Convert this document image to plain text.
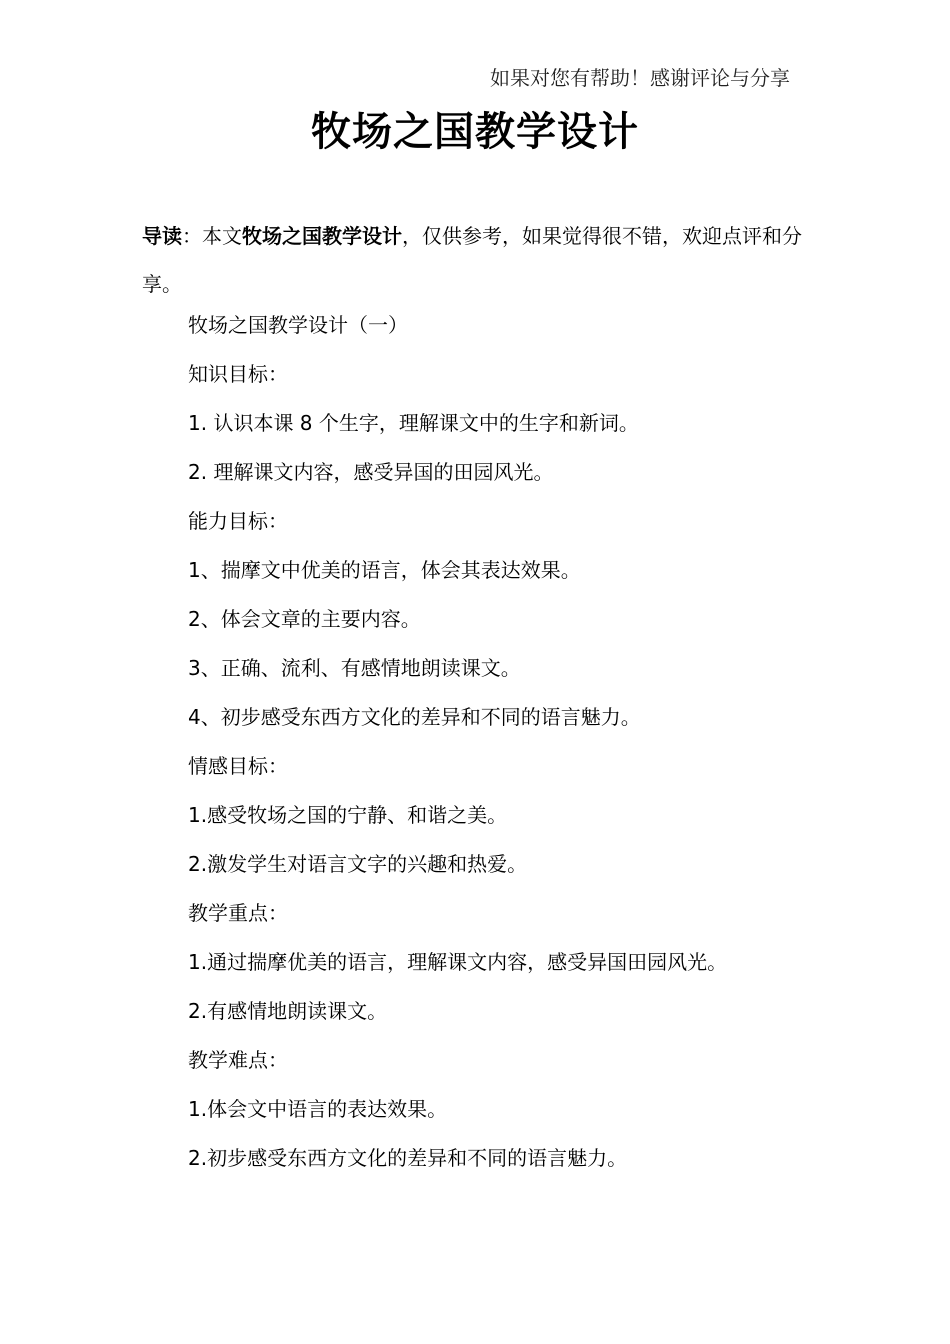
如果对您有帮助！感谢评论与分享
牧场之国教学设计

导读：本文牧场之国教学设计，仅供参考，如果觉得很不错，欢迎点评和分享。

牧场之国教学设计（一）
知识目标：
1. 认识本课 8 个生字，理解课文中的生字和新词。
2. 理解课文内容，感受异国的田园风光。
能力目标：
1、揣摩文中优美的语言，体会其表达效果。
2、体会文章的主要内容。
3、正确、流利、有感情地朗读课文。
4、初步感受东西方文化的差异和不同的语言魅力。
情感目标：
1.感受牧场之国的宁静、和谐之美。
2.激发学生对语言文字的兴趣和热爱。
教学重点：
1.通过揣摩优美的语言，理解课文内容，感受异国田园风光。
2.有感情地朗读课文。
教学难点：
1.体会文中语言的表达效果。
2.初步感受东西方文化的差异和不同的语言魅力。
